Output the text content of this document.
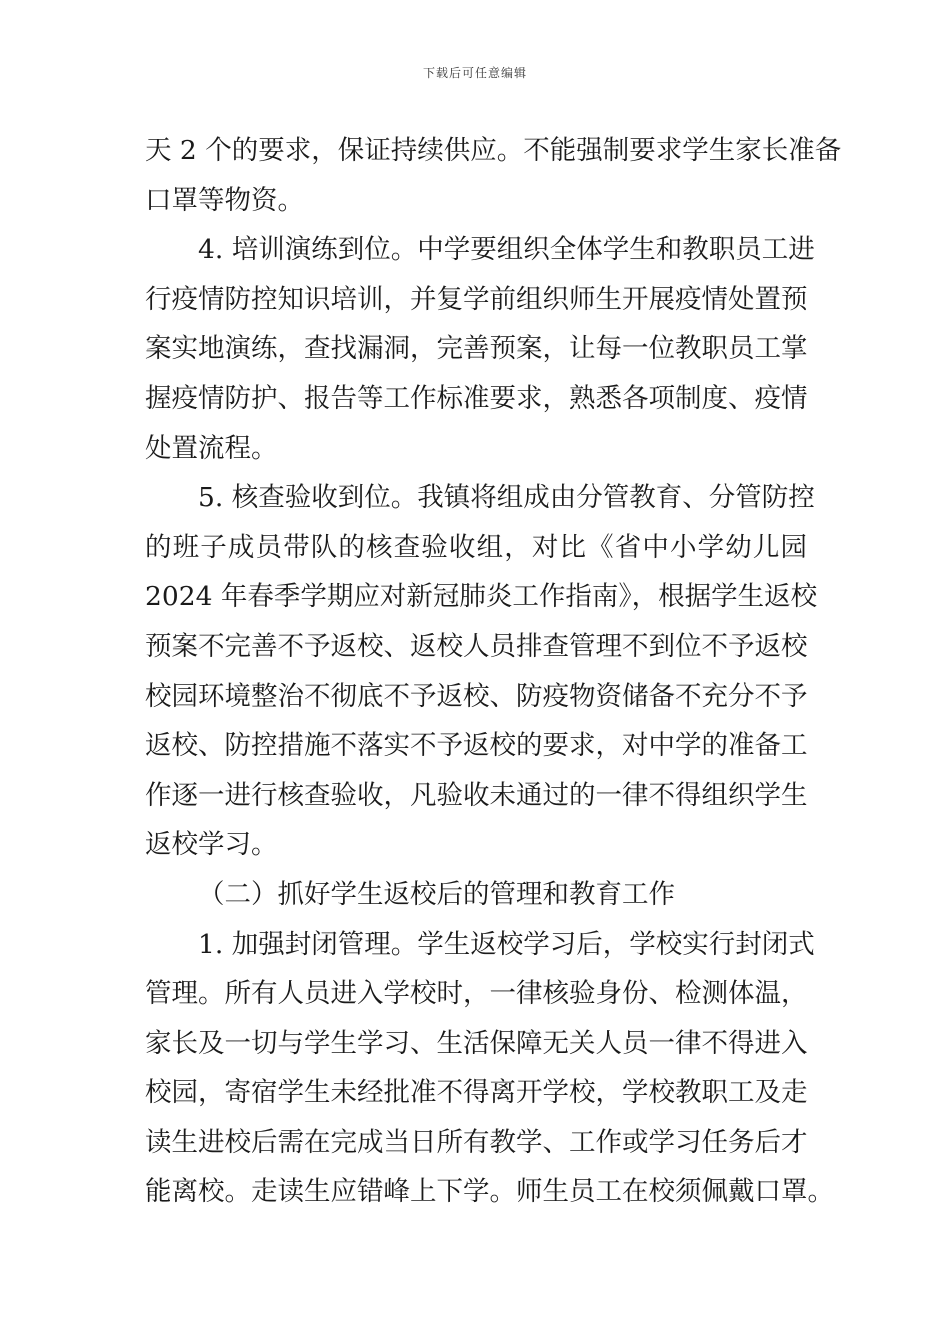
下载后可任意编辑
天 2 个的要求，保证持续供应。不能强制要求学生家长准备
口罩等物资。
4. 培训演练到位。中学要组织全体学生和教职员工进
行疫情防控知识培训，并复学前组织师生开展疫情处置预
案实地演练，查找漏洞，完善预案，让每一位教职员工掌
握疫情防护、报告等工作标准要求，熟悉各项制度、疫情
处置流程。
5. 核查验收到位。我镇将组成由分管教育、分管防控
的班子成员带队的核查验收组，对比《省中小学幼儿园
2024 年春季学期应对新冠肺炎工作指南》，根据学生返校
预案不完善不予返校、返校人员排查管理不到位不予返校
校园环境整治不彻底不予返校、防疫物资储备不充分不予
返校、防控措施不落实不予返校的要求，对中学的准备工
作逐一进行核查验收，凡验收未通过的一律不得组织学生
返校学习。
（二）抓好学生返校后的管理和教育工作
1. 加强封闭管理。学生返校学习后，学校实行封闭式
管理。所有人员进入学校时，一律核验身份、检测体温，
家长及一切与学生学习、生活保障无关人员一律不得进入
校园，寄宿学生未经批准不得离开学校，学校教职工及走
读生进校后需在完成当日所有教学、工作或学习任务后才
能离校。走读生应错峰上下学。师生员工在校须佩戴口罩。
